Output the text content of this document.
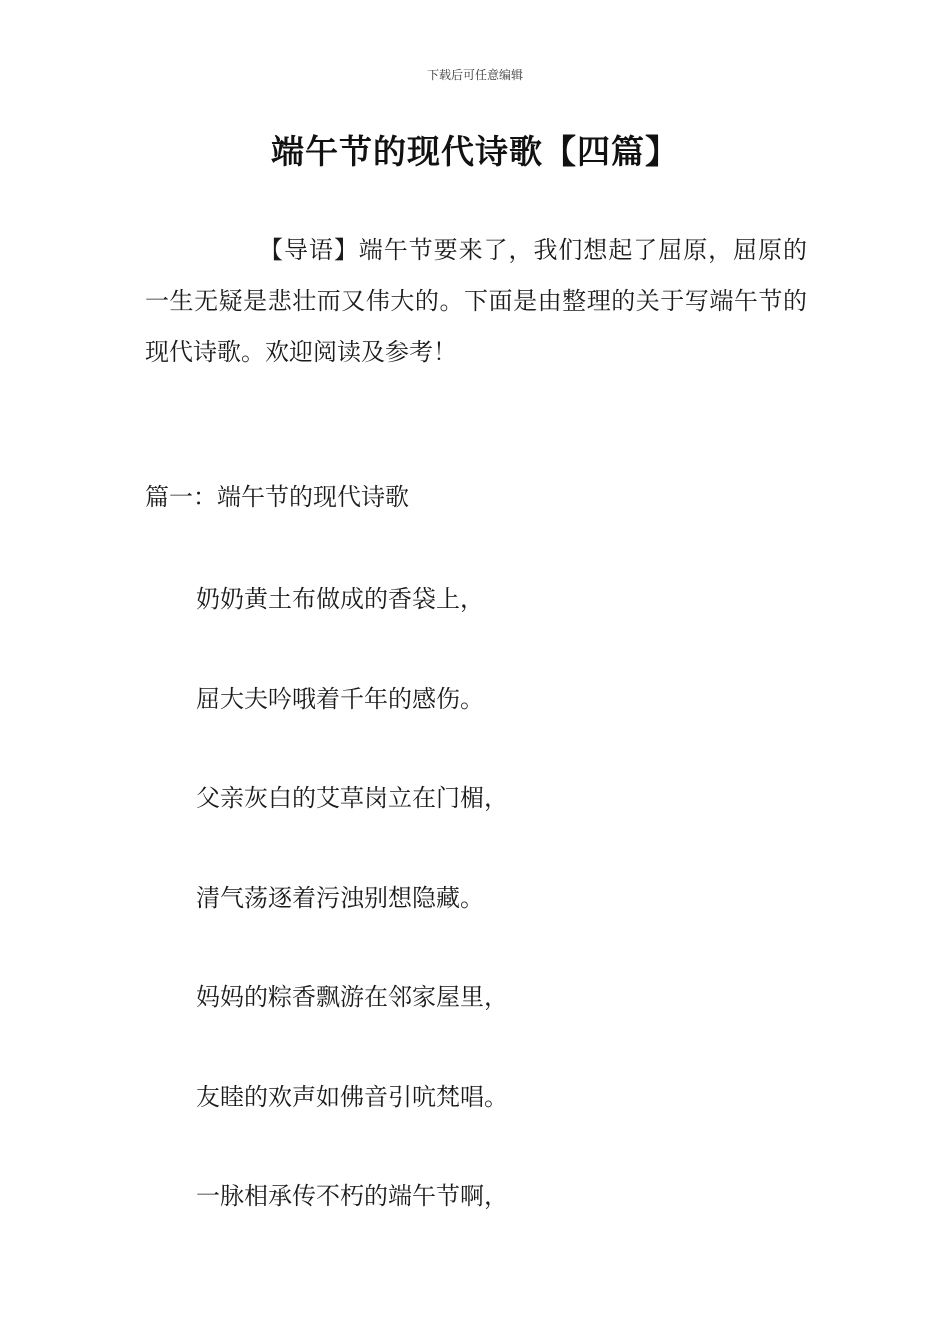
下载后可任意编辑
端午节的现代诗歌【四篇】

【导语】端午节要来了，我们想起了屈原，屈原的一生无疑是悲壮而又伟大的。下面是由整理的关于写端午节的现代诗歌。欢迎阅读及参考！

篇一：端午节的现代诗歌

奶奶黄土布做成的香袋上，
屈大夫吟哦着千年的感伤。
父亲灰白的艾草岗立在门楣，
清气荡逐着污浊别想隐藏。
妈妈的粽香飘游在邻家屋里，
友睦的欢声如佛音引吭梵唱。
一脉相承传不朽的端午节啊，
